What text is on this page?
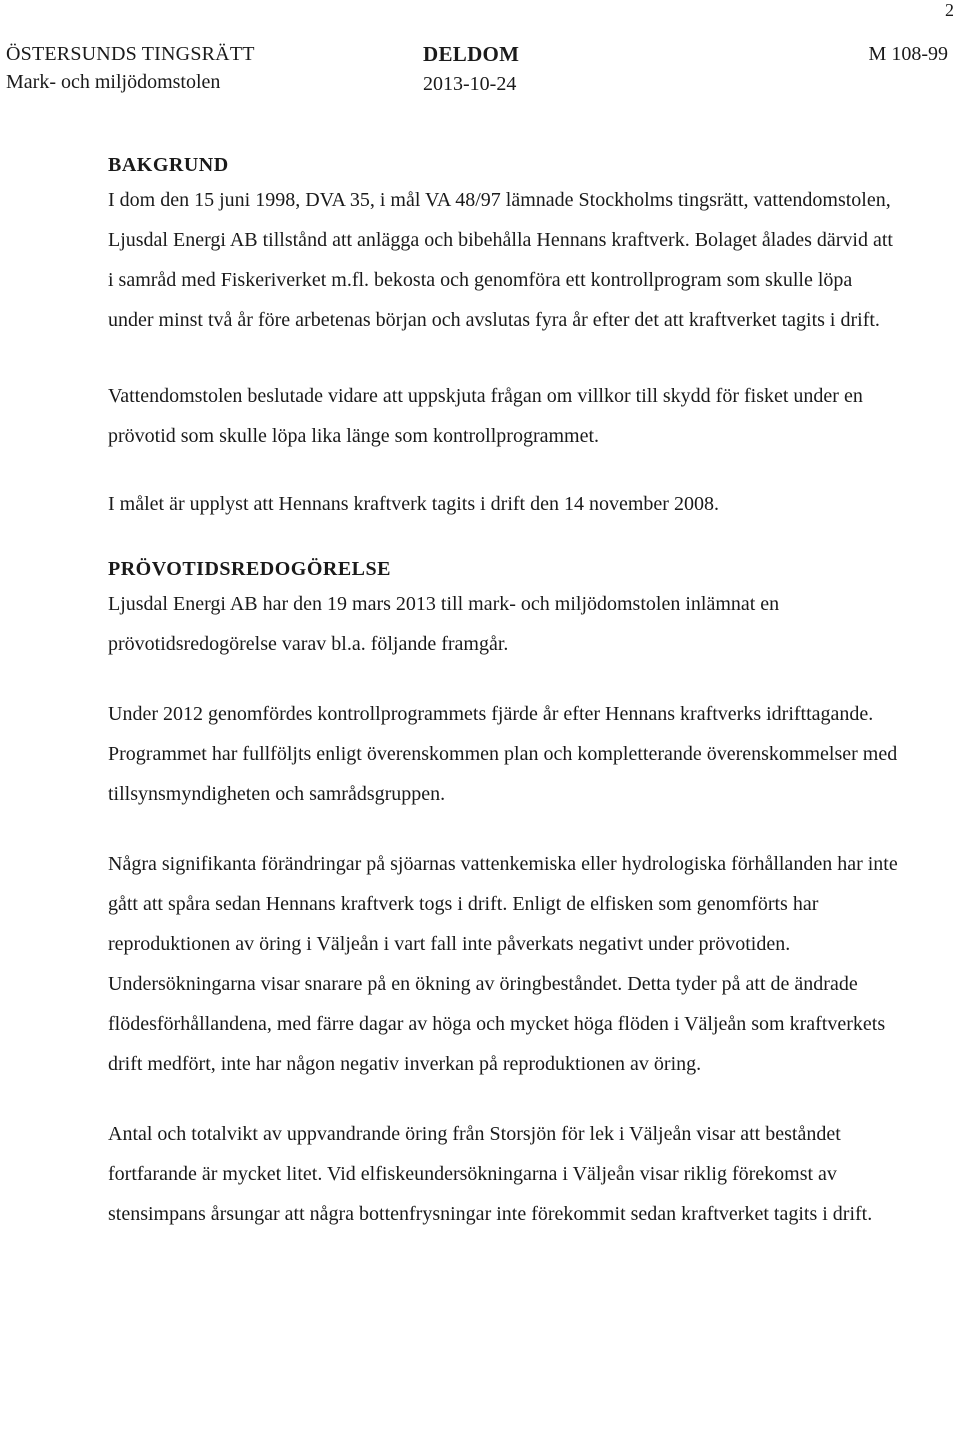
2
ÖSTERSUNDS TINGSRÄTT
Mark- och miljödomstolen
DELDOM
2013-10-24
M 108-99
BAKGRUND

I dom den 15 juni 1998, DVA 35, i mål VA 48/97 lämnade Stockholms tingsrätt, vattendomstolen, Ljusdal Energi AB tillstånd att anlägga och bibehålla Hennans kraftverk. Bolaget ålades därvid att i samråd med Fiskeriverket m.fl. bekosta och genomföra ett kontrollprogram som skulle löpa under minst två år före arbetenas början och avslutas fyra år efter det att kraftverket tagits i drift.

Vattendomstolen beslutade vidare att uppskjuta frågan om villkor till skydd för fisket under en prövotid som skulle löpa lika länge som kontrollprogrammet.

I målet är upplyst att Hennans kraftverk tagits i drift den 14 november 2008.

PRÖVOTIDSREDOGÖRELSE

Ljusdal Energi AB har den 19 mars 2013 till mark- och miljödomstolen inlämnat en prövotidsredogörelse varav bl.a. följande framgår.

Under 2012 genomfördes kontrollprogrammets fjärde år efter Hennans kraftverks idrifttagande. Programmet har fullföljts enligt överenskommen plan och kompletterande överenskommelser med tillsynsmyndigheten och samrådsgruppen.

Några signifikanta förändringar på sjöarnas vattenkemiska eller hydrologiska förhållanden har inte gått att spåra sedan Hennans kraftverk togs i drift. Enligt de elfisken som genomförts har reproduktionen av öring i Väljeån i vart fall inte påverkats negativt under prövotiden. Undersökningarna visar snarare på en ökning av öringbeståndet. Detta tyder på att de ändrade flödesförhållandena, med färre dagar av höga och mycket höga flöden i Väljeån som kraftverkets drift medfört, inte har någon negativ inverkan på reproduktionen av öring.

Antal och totalvikt av uppvandrande öring från Storsjön för lek i Väljeån visar att beståndet fortfarande är mycket litet. Vid elfiskeundersökningarna i Väljeån visar riklig förekomst av stensimpans årsungar att några bottenfrysningar inte förekommit sedan kraftverket tagits i drift.
